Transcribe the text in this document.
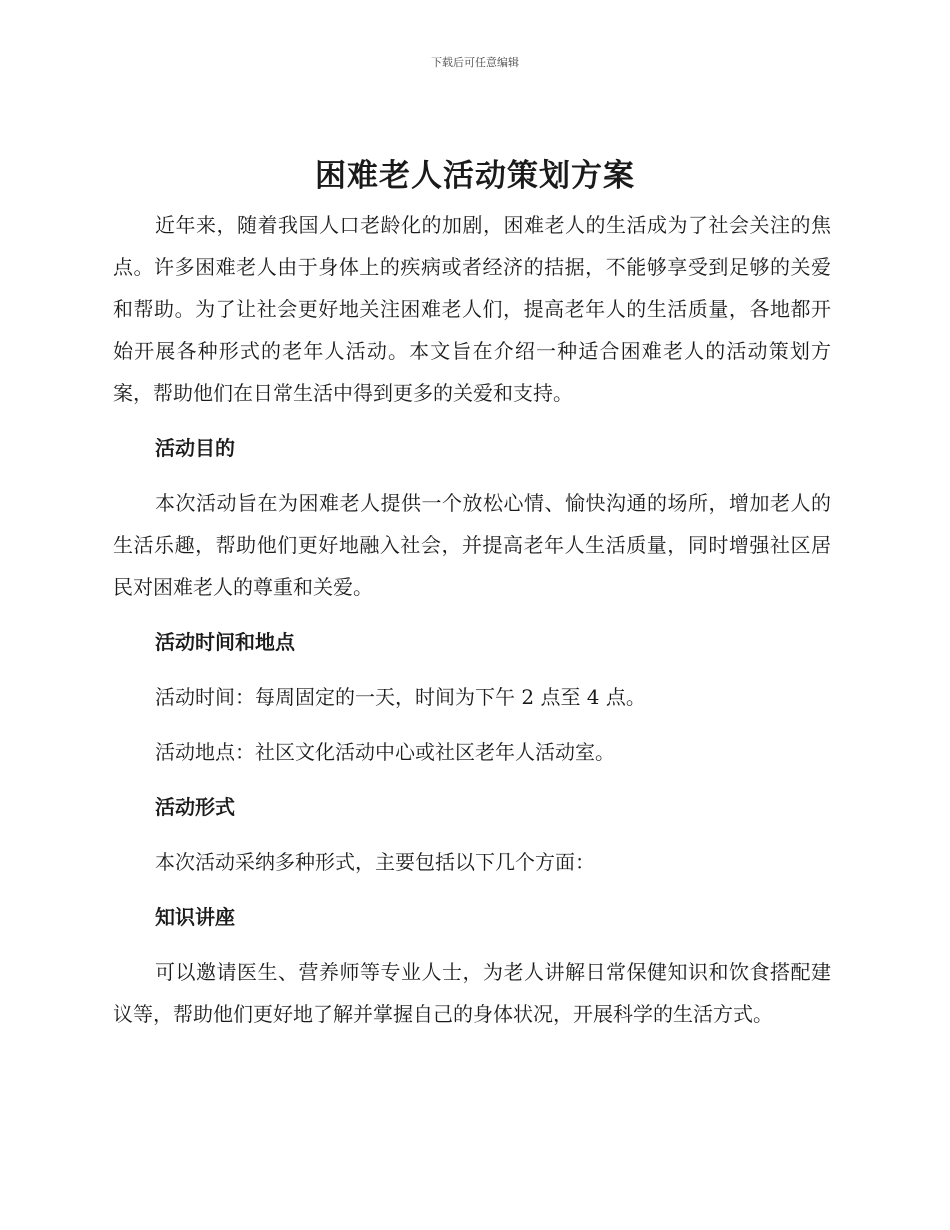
下载后可任意编辑
困难老人活动策划方案

近年来，随着我国人口老龄化的加剧，困难老人的生活成为了社会关注的焦点。许多困难老人由于身体上的疾病或者经济的拮据，不能够享受到足够的关爱和帮助。为了让社会更好地关注困难老人们，提高老年人的生活质量，各地都开始开展各种形式的老年人活动。本文旨在介绍一种适合困难老人的活动策划方案，帮助他们在日常生活中得到更多的关爱和支持。

活动目的

本次活动旨在为困难老人提供一个放松心情、愉快沟通的场所，增加老人的生活乐趣，帮助他们更好地融入社会，并提高老年人生活质量，同时增强社区居民对困难老人的尊重和关爱。

活动时间和地点

活动时间：每周固定的一天，时间为下午 2 点至 4 点。

活动地点：社区文化活动中心或社区老年人活动室。

活动形式

本次活动采纳多种形式，主要包括以下几个方面：

知识讲座

可以邀请医生、营养师等专业人士，为老人讲解日常保健知识和饮食搭配建议等，帮助他们更好地了解并掌握自己的身体状况，开展科学的生活方式。
